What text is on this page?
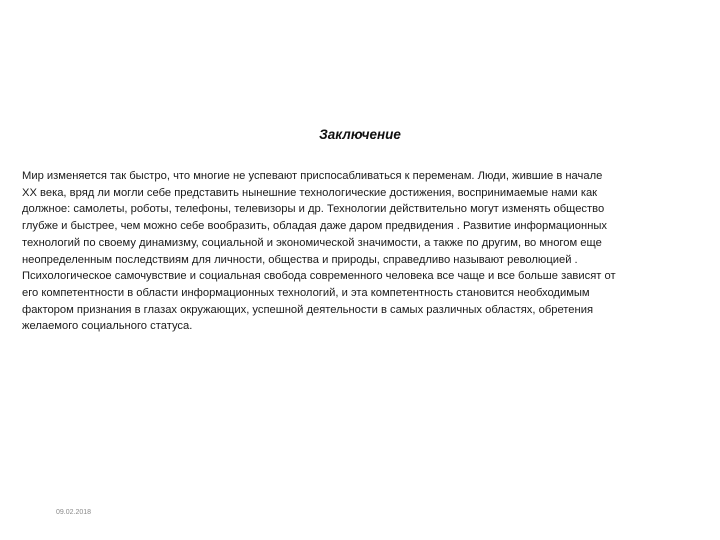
Заключение
Мир изменяется так быстро, что многие не успевают приспосабливаться к переменам. Люди, жившие в начале
XX века, вряд ли могли себе представить нынешние технологические достижения, воспринимаемые нами как
должное: самолеты, роботы, телефоны, телевизоры и др. Технологии действительно могут изменять общество
глубже и быстрее, чем можно себе вообразить, обладая даже даром предвидения . Развитие информационных
технологий по своему динамизму, социальной и экономической значимости, а также по другим, во многом еще
неопределенным последствиям для личности, общества и природы, справедливо называют революцией .
Психологическое самочувствие и социальная свобода современного человека все чаще и все больше зависят от
его компетентности в области информационных технологий, и эта компетентность становится необходимым
фактором признания в глазах окружающих, успешной деятельности в самых различных областях, обретения
желаемого социального статуса.
09.02.2018
